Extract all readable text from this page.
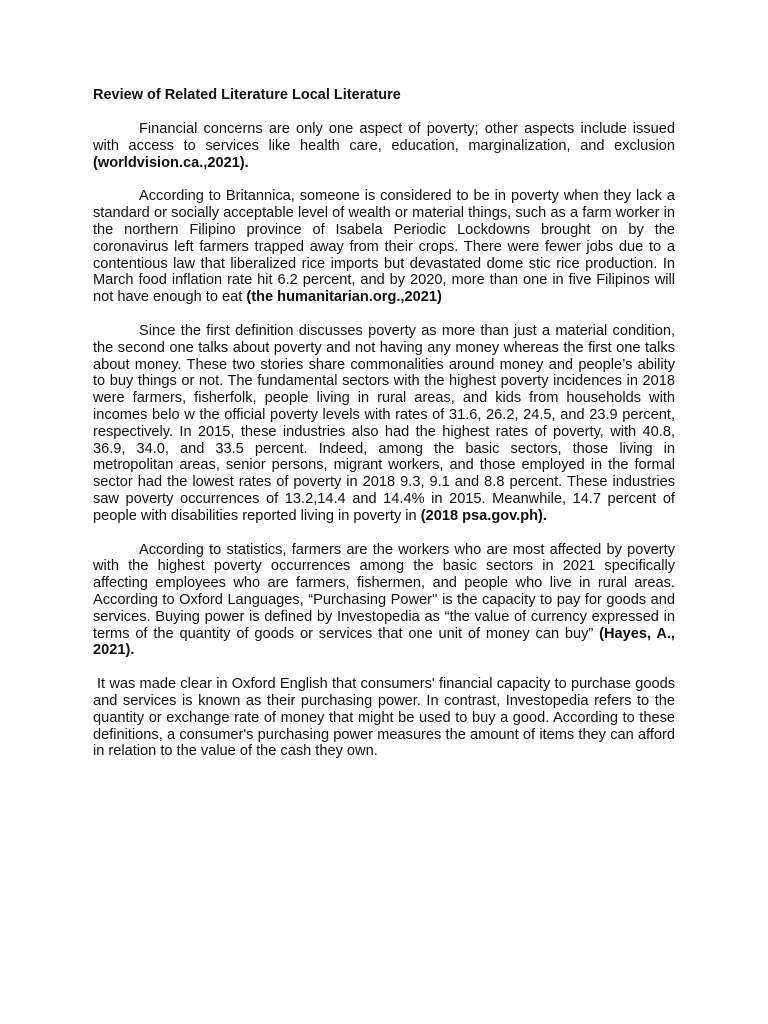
Review of Related Literature Local Literature

Financial concerns are only one aspect of poverty; other aspects include issued with access to services like health care, education, marginalization, and exclusion (worldvision.ca.,2021).

According to Britannica, someone is considered to be in poverty when they lack a standard or socially acceptable level of wealth or material things, such as a farm worker in the northern Filipino province of Isabela Periodic Lockdowns brought on by the coronavirus left farmers trapped away from their crops. There were fewer jobs due to a contentious law that liberalized rice imports but devastated dome stic rice production. In March food inflation rate hit 6.2 percent, and by 2020, more than one in five Filipinos will not have enough to eat (the humanitarian.org.,2021)

Since the first definition discusses poverty as more than just a material condition, the second one talks about poverty and not having any money whereas the first one talks about money. These two stories share commonalities around money and people’s ability to buy things or not. The fundamental sectors with the highest poverty incidences in 2018 were farmers, fisherfolk, people living in rural areas, and kids from households with incomes belo w the official poverty levels with rates of 31.6, 26.2, 24.5, and 23.9 percent, respectively. In 2015, these industries also had the highest rates of poverty, with 40.8, 36.9, 34.0, and 33.5 percent. Indeed, among the basic sectors, those living in metropolitan areas, senior persons, migrant workers, and those employed in the formal sector had the lowest rates of poverty in 2018 9.3, 9.1 and 8.8 percent. These industries saw poverty occurrences of 13.2,14.4 and 14.4% in 2015. Meanwhile, 14.7 percent of people with disabilities reported living in poverty in (2018 psa.gov.ph).

According to statistics, farmers are the workers who are most affected by poverty with the highest poverty occurrences among the basic sectors in 2021 specifically affecting employees who are farmers, fishermen, and people who live in rural areas. According to Oxford Languages, “Purchasing Power'' is the capacity to pay for goods and services. Buying power is defined by Investopedia as “the value of currency expressed in terms of the quantity of goods or services that one unit of money can buy” (Hayes, A., 2021).

It was made clear in Oxford English that consumers' financial capacity to purchase goods and services is known as their purchasing power. In contrast, Investopedia refers to the quantity or exchange rate of money that might be used to buy a good. According to these definitions, a consumer's purchasing power measures the amount of items they can afford in relation to the value of the cash they own.
